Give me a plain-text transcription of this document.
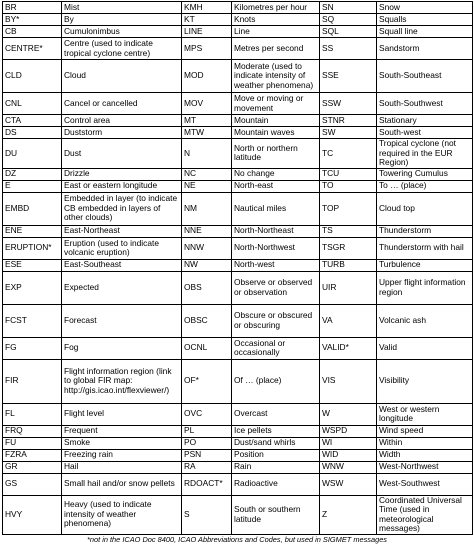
BR	Mist	KMH	Kilometres per hour	SN	Snow
BY*	By	KT	Knots	SQ	Squalls
CB	Cumulonimbus	LINE	Line	SQL	Squall line
CENTRE*	Centre (used to indicate tropical cyclone centre)	MPS	Metres per second	SS	Sandstorm
CLD	Cloud	MOD	Moderate (used to indicate intensity of weather phenomena)	SSE	South-Southeast
CNL	Cancel or cancelled	MOV	Move or moving or movement	SSW	South-Southwest
CTA	Control area	MT	Mountain	STNR	Stationary
DS	Duststorm	MTW	Mountain waves	SW	South-west
DU	Dust	N	North or northern latitude	TC	Tropical cyclone (not required in the EUR Region)
DZ	Drizzle	NC	No change	TCU	Towering Cumulus
E	East or eastern longitude	NE	North-east	TO	To … (place)
EMBD	Embedded in layer (to indicate CB embedded in layers of other clouds)	NM	Nautical miles	TOP	Cloud top
ENE	East-Northeast	NNE	North-Northeast	TS	Thunderstorm
ERUPTION*	Eruption (used to indicate volcanic eruption)	NNW	North-Northwest	TSGR	Thunderstorm with hail
ESE	East-Southeast	NW	North-west	TURB	Turbulence
EXP	Expected	OBS	Observe or observed or observation	UIR	Upper flight information region
FCST	Forecast	OBSC	Obscure or obscured or obscuring	VA	Volcanic ash
FG	Fog	OCNL	Occasional or occasionally	VALID*	Valid
FIR	Flight information region (link to global FIR map: http://gis.icao.int/flexviewer/)	OF*	Of … (place)	VIS	Visibility
FL	Flight level	OVC	Overcast	W	West or western longitude
FRQ	Frequent	PL	Ice pellets	WSPD	Wind speed
FU	Smoke	PO	Dust/sand whirls	WI	Within
FZRA	Freezing rain	PSN	Position	WID	Width
GR	Hail	RA	Rain	WNW	West-Northwest
GS	Small hail and/or snow pellets	RDOACT*	Radioactive	WSW	West-Southwest
HVY	Heavy (used to indicate intensity of weather phenomena)	S	South or southern latitude	Z	Coordinated Universal Time (used in meteorological messages)
*not in the ICAO Doc 8400, ICAO Abbreviations and Codes, but used in SIGMET messages
